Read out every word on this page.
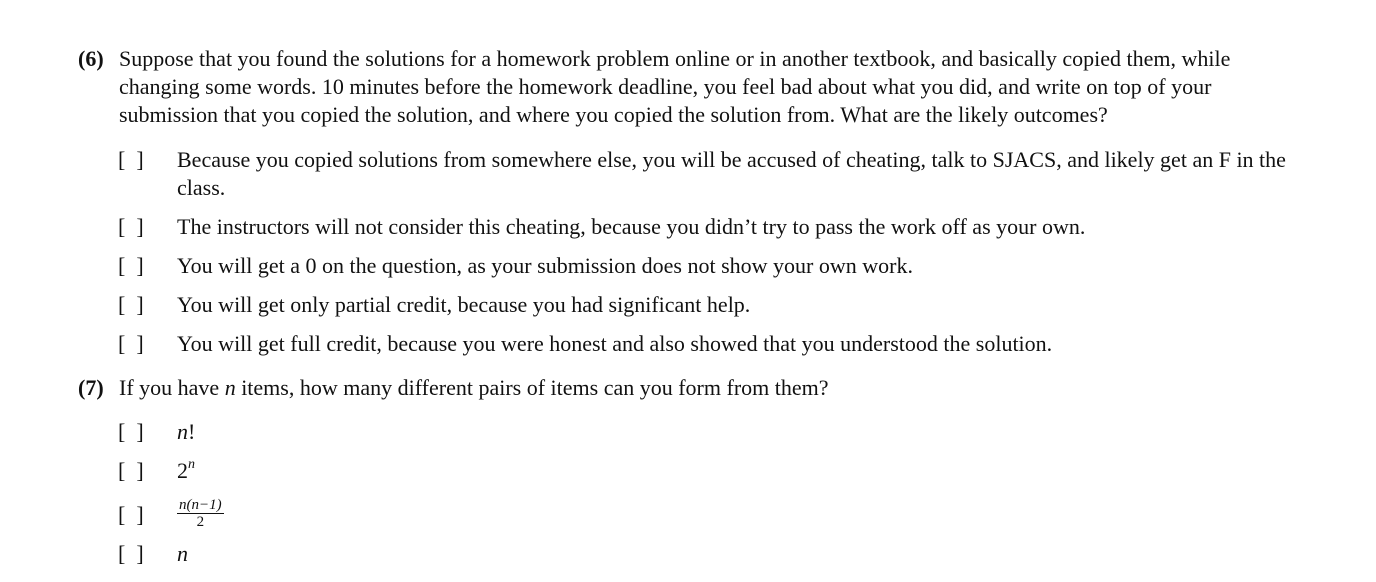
(6) Suppose that you found the solutions for a homework problem online or in another textbook, and basically copied them, while changing some words. 10 minutes before the homework deadline, you feel bad about what you did, and write on top of your submission that you copied the solution, and where you copied the solution from. What are the likely outcomes?
[  ]	Because you copied solutions from somewhere else, you will be accused of cheating, talk to SJACS, and likely get an F in the class.
[  ]	The instructors will not consider this cheating, because you didn’t try to pass the work off as your own.
[  ]	You will get a 0 on the question, as your submission does not show your own work.
[  ]	You will get only partial credit, because you had significant help.
[  ]	You will get full credit, because you were honest and also showed that you understood the solution.
(7) If you have n items, how many different pairs of items can you form from them?
[  ]	n!
[  ]	2$^n$
[  ]	$\frac{n(n-1)}{2}$
[  ]	n
